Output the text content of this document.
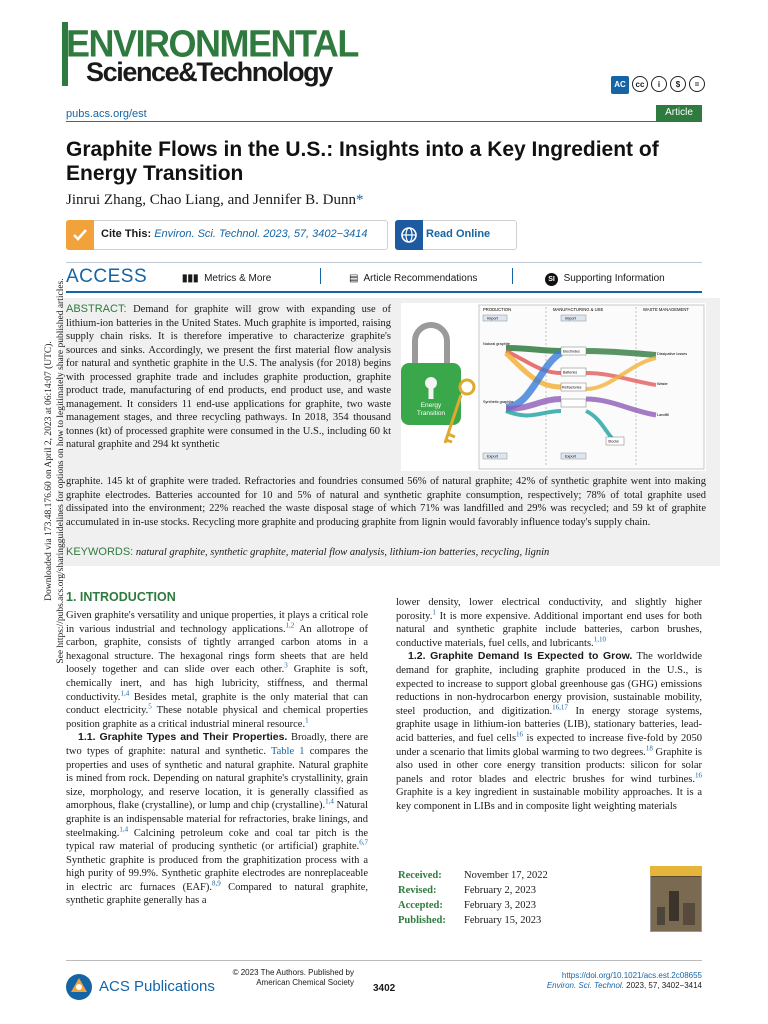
ENVIRONMENTAL
Science&Technology	AC	cc	i	$	=
pubs.acs.org/est	Article
Graphite Flows in the U.S.: Insights into a Key Ingredient of Energy Transition
Jinrui Zhang, Chao Liang, and Jennifer B. Dunn*
Cite This: Environ. Sci. Technol. 2023, 57, 3402−3414	Read Online
ACCESS	▮▮▮ Metrics & More	▤ Article Recommendations	SI Supporting Information
ABSTRACT: Demand for graphite will grow with expanding use of lithium-ion batteries in the United States. Much graphite is imported, raising supply chain risks. It is therefore imperative to characterize graphite's sources and sinks. Accordingly, we present the first material flow analysis for natural and synthetic graphite in the U.S. The analysis (for 2018) begins with processed graphite trade and includes graphite production, graphite product trade, manufacturing of end products, end product use, and waste management. It considers 11 end-use applications for graphite, two waste management stages, and three recycling pathways. In 2018, 354 thousand tonnes (kt) of processed graphite were consumed in the U.S., including 60 kt natural graphite and 294 kt synthetic
PRODUCTION	MANUFACTURING & USE	WASTE MANAGEMENT
Import	Import
Natural graphite
Synthetic graphite
Electrodes
Batteries
Refractories
Stocks
Export	Export
Dissipative losses
Waste
Landfill
Energy
Transition
graphite. 145 kt of graphite were traded. Refractories and foundries consumed 56% of natural graphite; 42% of synthetic graphite went into making graphite electrodes. Batteries accounted for 10 and 5% of natural and synthetic graphite consumption, respectively; 78% of total graphite used dissipated into the environment; 22% reached the waste disposal stage of which 71% was landfilled and 29% was recycled; and 59 kt of graphite accumulated in in-use stocks. Recycling more graphite and producing graphite from lignin would favorably influence today's supply chain.
KEYWORDS: natural graphite, synthetic graphite, material flow analysis, lithium-ion batteries, recycling, lignin
Downloaded via 173.48.176.60 on April 2, 2023 at 06:14:07 (UTC). See https://pubs.acs.org/sharingguidelines for options on how to legitimately share published articles. 1. INTRODUCTION

Given graphite's versatility and unique properties, it plays a critical role in various industrial and technology applications.$^{1,2}$ An allotrope of carbon, graphite, consists of tightly arranged carbon atoms in a hexagonal structure. The hexagonal rings form sheets that are held loosely together and can slide over each other.$^3$ Graphite is soft, chemically inert, and has high lubricity, stiffness, and thermal conductivity.$^{1,4}$ Besides metal, graphite is the only material that can conduct electricity.$^5$ These notable physical and chemical properties position graphite as a critical industrial mineral resource.$^1$

1.1. Graphite Types and Their Properties. Broadly, there are two types of graphite: natural and synthetic. Table 1 compares the properties and uses of synthetic and natural graphite. Natural graphite is mined from rock. Depending on natural graphite's crystallinity, grain size, morphology, and reserve location, it is generally classified as amorphous, flake (crystalline), or lump and chip (crystalline).$^{1,4}$ Natural graphite is an indispensable material for refractories, brake linings, and steelmaking.$^{1,4}$ Calcining petroleum coke and coal tar pitch is the typical raw material of producing synthetic (or artificial) graphite.$^{6,7}$ Synthetic graphite is produced from the graphitization process with a high purity of 99.9%. Synthetic graphite electrodes are nonreplaceable in electric arc furnaces (EAF).$^{8,9}$ Compared to natural graphite, synthetic graphite generally has a

lower density, lower electrical conductivity, and slightly higher porosity.$^1$ It is more expensive. Additional important end uses for both natural and synthetic graphite include batteries, carbon brushes, conductive materials, fuel cells, and lubricants.$^{1,10}$

1.2. Graphite Demand Is Expected to Grow. The worldwide demand for graphite, including graphite produced in the U.S., is expected to increase to support global greenhouse gas (GHG) emissions reductions in non-hydrocarbon energy provision, sustainable mobility, steel production, and digitization.$^{16,17}$ In energy storage systems, graphite usage in lithium-ion batteries (LIB), stationary batteries, lead-acid batteries, and fuel cells$^{16}$ is expected to increase five-fold by 2050 under a scenario that limits global warming to two degrees.$^{18}$ Graphite is also used in other core energy transition products: silicon for solar panels and rotor blades and electric brushes for wind turbines.$^{16}$ Graphite is a key ingredient in sustainable mobility approaches. It is a key component in LIBs and in composite light weighting materials

Received: November 17, 2022
Revised:	February 2, 2023
Accepted: February 3, 2023
Published: February 15, 2023
ACS Publications
© 2023 The Authors. Published by
American Chemical Society
3402
https://doi.org/10.1021/acs.est.2c08655
Environ. Sci. Technol. 2023, 57, 3402−3414
